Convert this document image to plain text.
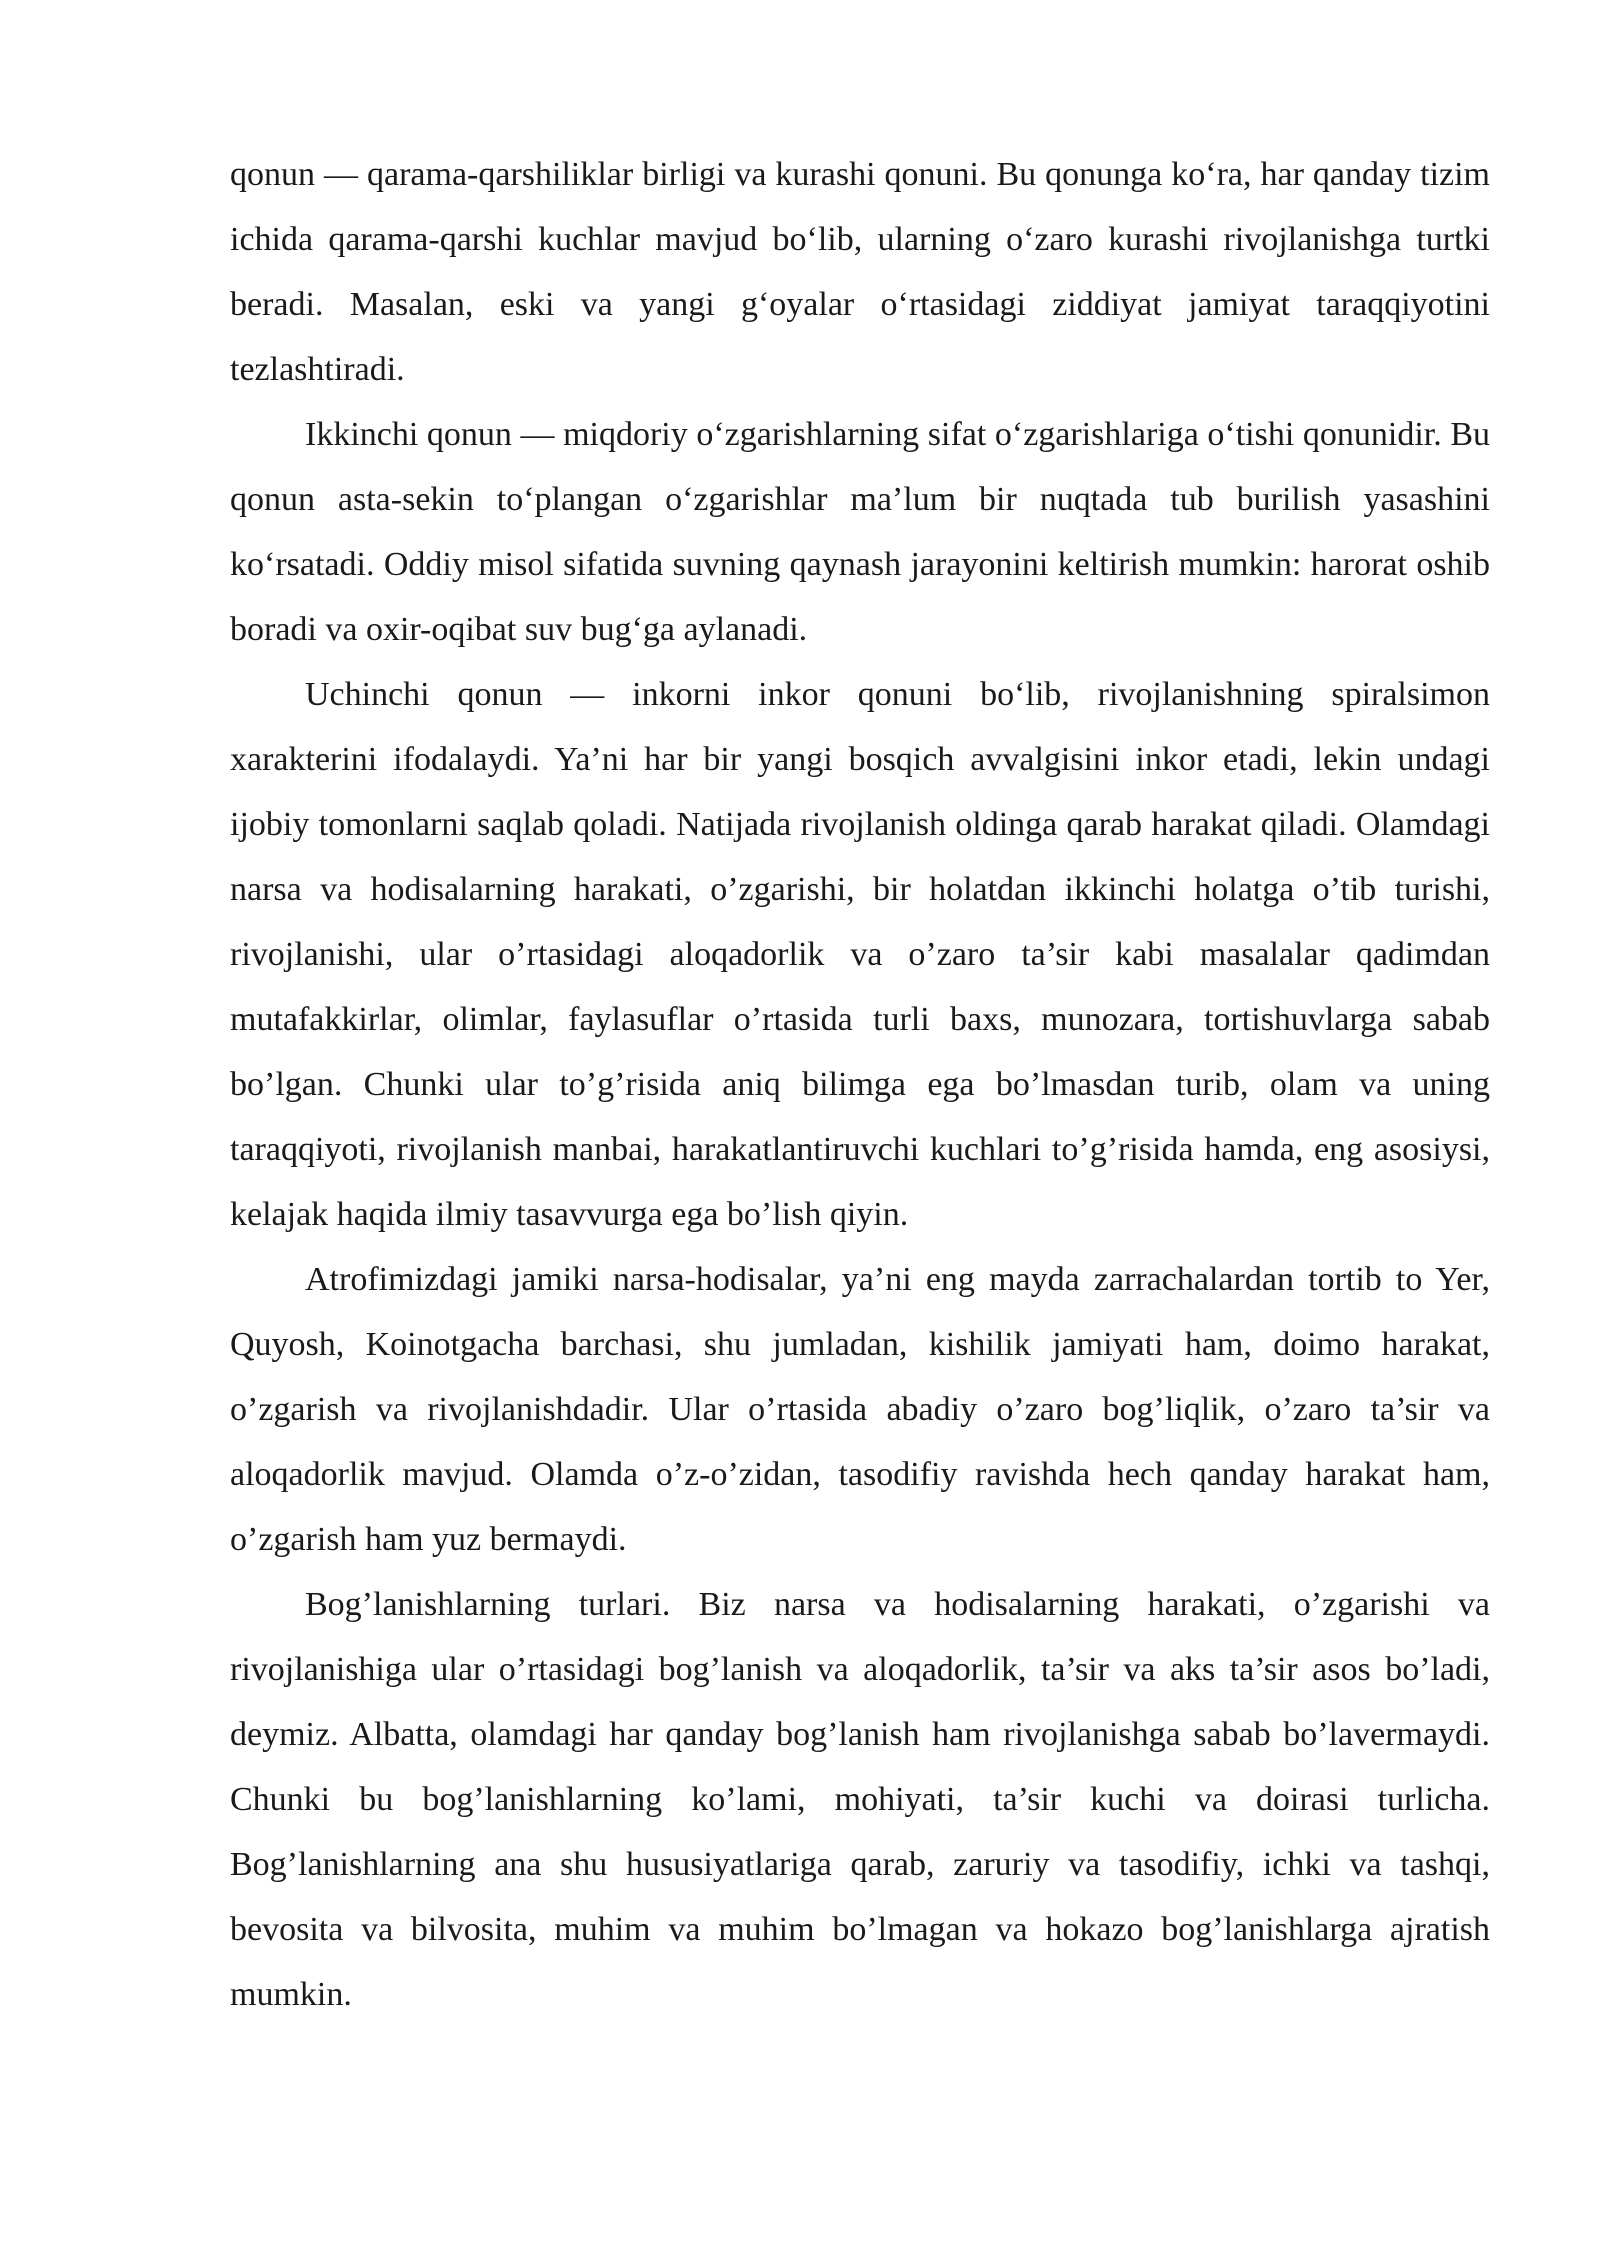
qonun — qarama-qarshiliklar birligi va kurashi qonuni. Bu qonunga ko‘ra, har qanday tizim ichida qarama-qarshi kuchlar mavjud bo‘lib, ularning o‘zaro kurashi rivojlanishga turtki beradi. Masalan, eski va yangi g‘oyalar o‘rtasidagi ziddiyat jamiyat taraqqiyotini tezlashtiradi.

Ikkinchi qonun — miqdoriy o‘zgarishlarning sifat o‘zgarishlariga o‘tishi qonunidir. Bu qonun asta-sekin to‘plangan o‘zgarishlar ma’lum bir nuqtada tub burilish yasashini ko‘rsatadi. Oddiy misol sifatida suvning qaynash jarayonini keltirish mumkin: harorat oshib boradi va oxir-oqibat suv bug‘ga aylanadi.

Uchinchi qonun — inkorni inkor qonuni bo‘lib, rivojlanishning spiralsimon xarakterini ifodalaydi. Ya’ni har bir yangi bosqich avvalgisini inkor etadi, lekin undagi ijobiy tomonlarni saqlab qoladi. Natijada rivojlanish oldinga qarab harakat qiladi. Olamdagi narsa va hodisalarning harakati, o’zgarishi, bir holatdan ikkinchi holatga o’tib turishi, rivojlanishi, ular o’rtasidagi aloqadorlik va o’zaro ta’sir kabi masalalar qadimdan mutafakkirlar, olimlar, faylasuflar o’rtasida turli baxs, munozara, tortishuvlarga sabab bo’lgan. Chunki ular to’g’risida aniq bilimga ega bo’lmasdan turib, olam va uning taraqqiyoti, rivojlanish manbai, harakatlantiruvchi kuchlari to’g’risida hamda, eng asosiysi, kelajak haqida ilmiy tasavvurga ega bo’lish qiyin.

Atrofimizdagi jamiki narsa-hodisalar, ya’ni eng mayda zarrachalardan tortib to Yer, Quyosh, Koinotgacha barchasi, shu jumladan, kishilik jamiyati ham, doimo harakat, o’zgarish va rivojlanishdadir. Ular o’rtasida abadiy o’zaro bog’liqlik, o’zaro ta’sir va aloqadorlik mavjud. Olamda o’z-o’zidan, tasodifiy ravishda hech qanday harakat ham, o’zgarish ham yuz bermaydi.

Bog’lanishlarning turlari. Biz narsa va hodisalarning harakati, o’zgarishi va rivojlanishiga ular o’rtasidagi bog’lanish va aloqadorlik, ta’sir va aks ta’sir asos bo’ladi, deymiz. Albatta, olamdagi har qanday bog’lanish ham rivojlanishga sabab bo’lavermaydi. Chunki bu bog’lanishlarning ko’lami, mohiyati, ta’sir kuchi va doirasi turlicha. Bog’lanishlarning ana shu hususiyatlariga qarab, zaruriy va tasodifiy, ichki va tashqi, bevosita va bilvosita, muhim va muhim bo’lmagan va hokazo bog’lanishlarga ajratish mumkin.
